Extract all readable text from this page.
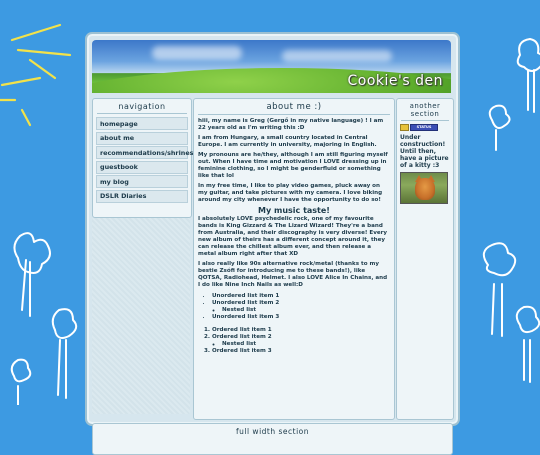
Cookie's den
navigation
homepage
about me
recommendations/shrines
guestbook
my blog
DSLR Diaries
about me :)

hiii, my name is Greg (Gergő in my native language) ! I am 22 years old as I'm writing this :D

I am from Hungary, a small country located in Central Europe. I am currently in university, majoring in English.

My pronouns are he/they, although I am still figuring myself out. When I have time and motivation I LOVE dressing up in feminine clothing, so I might be genderfluid or something like that lol

In my free time, I like to play video games, pluck away on my guitar, and take pictures with my camera. I love biking around my city whenever I have the opportunity to do so!

My music taste!

I absolutely LOVE psychedelic rock, one of my favourite bands is King Gizzard & The Lizard Wizard! They're a band from Australia, and their discography is very diverse! Every new album of theirs has a different concept around it, they can release the chillest album ever, and then release a metal album right after that XD

I also really like 90s alternative rock/metal (thanks to my bestie Zsófi for introducing me to these bands!), like QOTSA, Radiohead, Helmet. I also LOVE Alice In Chains, and I do like Nine Inch Nails as well:D

• Unordered list item 1
• Unordered list item 2
◦ Nested list
• Unordered list item 3
1. Ordered list item 1
2. Ordered list item 2
◦ Nested list
3. Ordered list item 3
another section
STATUS
Under construction! Until then, have a picture of a kitty :3
full width section
